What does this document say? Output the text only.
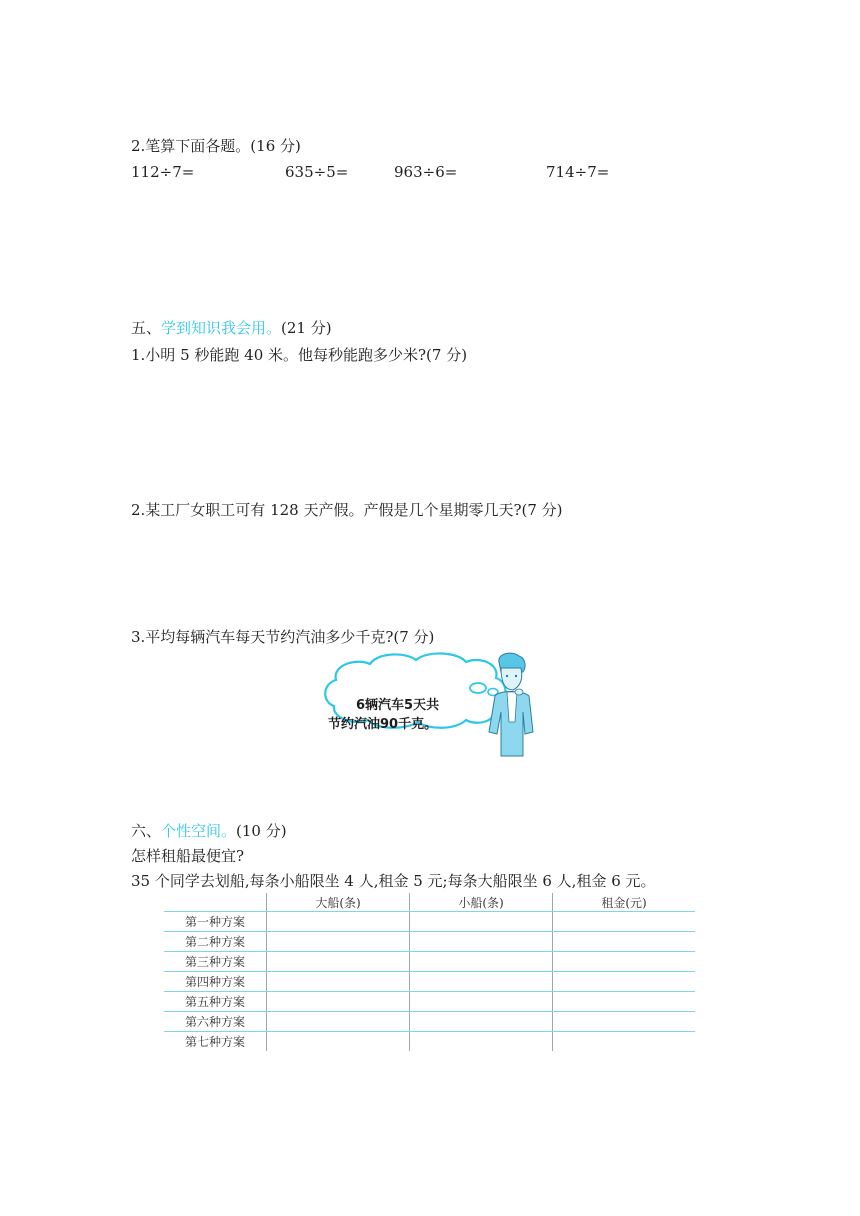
2.笔算下面各题。(16 分)
112÷7=	635÷5=	963÷6=	714÷7=
五、学到知识我会用。(21 分)
1.小明 5 秒能跑 40 米。他每秒能跑多少米?(7 分)
2.某工厂女职工可有 128 天产假。产假是几个星期零几天?(7 分)
3.平均每辆汽车每天节约汽油多少千克?(7 分)
6辆汽车5天共
节约汽油90千克。
六、个性空间。(10 分)
怎样租船最便宜?
35 个同学去划船,每条小船限坐 4 人,租金 5 元;每条大船限坐 6 人,租金 6 元。
	大船(条)	小船(条)	租金(元)
第一种方案			
第二种方案			
第三种方案			
第四种方案			
第五种方案			
第六种方案			
第七种方案			
